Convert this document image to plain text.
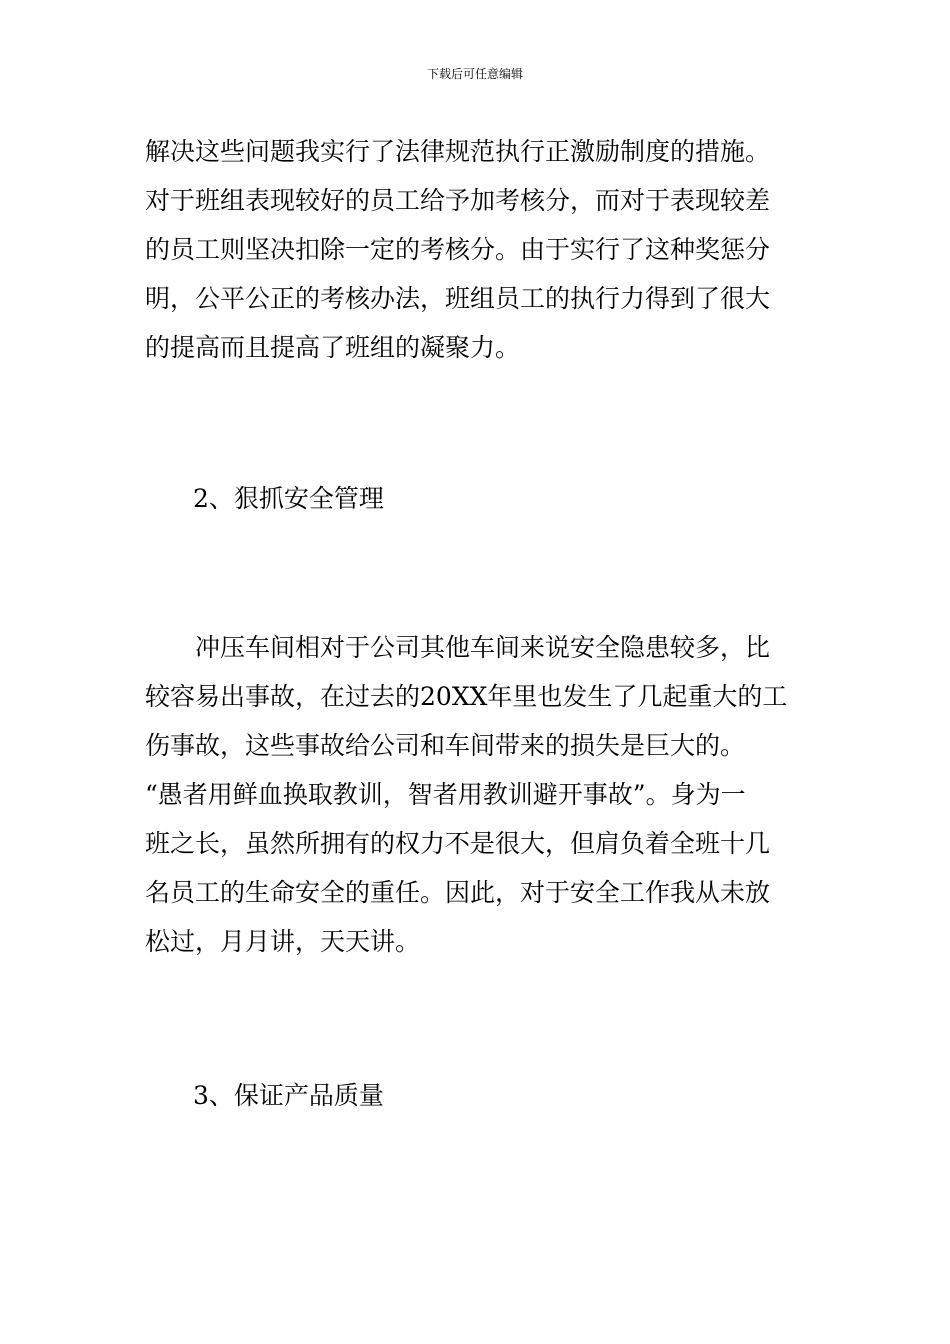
下载后可任意编辑
解决这些问题我实行了法律规范执行正激励制度的措施。
对于班组表现较好的员工给予加考核分，而对于表现较差
的员工则坚决扣除一定的考核分。由于实行了这种奖惩分
明，公平公正的考核办法，班组员工的执行力得到了很大
的提高而且提高了班组的凝聚力。
2、狠抓安全管理
　　冲压车间相对于公司其他车间来说安全隐患较多，比
较容易出事故，在过去的20XX年里也发生了几起重大的工
伤事故，这些事故给公司和车间带来的损失是巨大的。
“愚者用鲜血换取教训，智者用教训避开事故”。身为一
班之长，虽然所拥有的权力不是很大，但肩负着全班十几
名员工的生命安全的重任。因此，对于安全工作我从未放
松过，月月讲，天天讲。
3、保证产品质量
